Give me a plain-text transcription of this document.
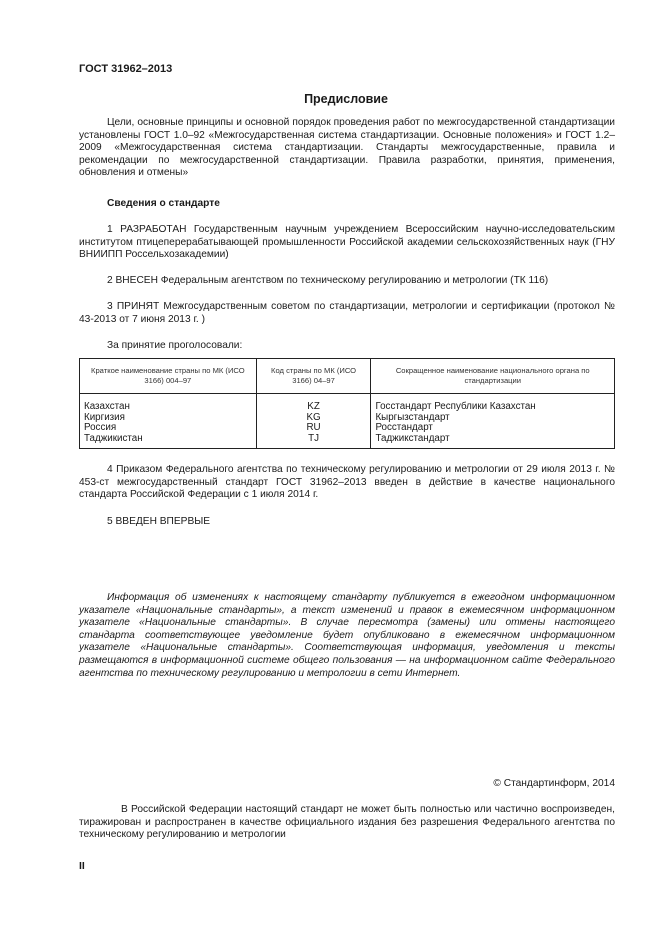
ГОСТ 31962–2013
Предисловие
Цели, основные принципы и основной порядок проведения работ по межгосударственной стандартизации установлены ГОСТ 1.0–92 «Межгосударственная система стандартизации. Основные положения» и ГОСТ 1.2–2009 «Межгосударственная система стандартизации. Стандарты межгосударственные, правила и рекомендации по межгосударственной стандартизации. Правила разработки, принятия, применения, обновления и отмены»
Сведения о стандарте
1 РАЗРАБОТАН Государственным научным учреждением Всероссийским научно-исследовательским институтом птицеперерабатывающей промышленности Российской академии сельскохозяйственных наук (ГНУ ВНИИПП Россельхозакадемии)
2 ВНЕСЕН Федеральным агентством по техническому регулированию и метрологии (ТК 116)
3 ПРИНЯТ Межгосударственным советом по стандартизации, метрологии и сертификации (протокол № 43-2013 от 7 июня 2013 г. )
За принятие проголосовали:
Краткое наименование страны по МК (ИСО 3166) 004–97	Код страны по МК (ИСО 3166) 04–97	Сокращенное наименование национального органа по стандартизации
Казахстан	KZ	Госстандарт Республики Казахстан
Киргизия	KG	Кыргызстандарт
Россия	RU	Росстандарт
Таджикистан	TJ	Таджикстандарт
4 Приказом Федерального агентства по техническому регулированию и метрологии от 29 июля 2013 г. № 453-ст межгосударственный стандарт ГОСТ 31962–2013 введен в действие в качестве национального стандарта Российской Федерации с 1 июля 2014 г.
5 ВВЕДЕН ВПЕРВЫЕ
Информация об изменениях к настоящему стандарту публикуется в ежегодном информационном указателе «Национальные стандарты», а текст изменений и правок в ежемесячном информационном указателе «Национальные стандарты». В случае пересмотра (замены) или отмены настоящего стандарта соответствующее уведомление будет опубликовано в ежемесячном информационном указателе «Национальные стандарты». Соответствующая информация, уведомления и тексты размещаются в информационной системе общего пользования — на информационном сайте Федерального агентства по техническому регулированию и метрологии в сети Интернет.
© Стандартинформ, 2014
В Российской Федерации настоящий стандарт не может быть полностью или частично воспроизведен, тиражирован и распространен в качестве официального издания без разрешения Федерального агентства по техническому регулированию и метрологии
II
